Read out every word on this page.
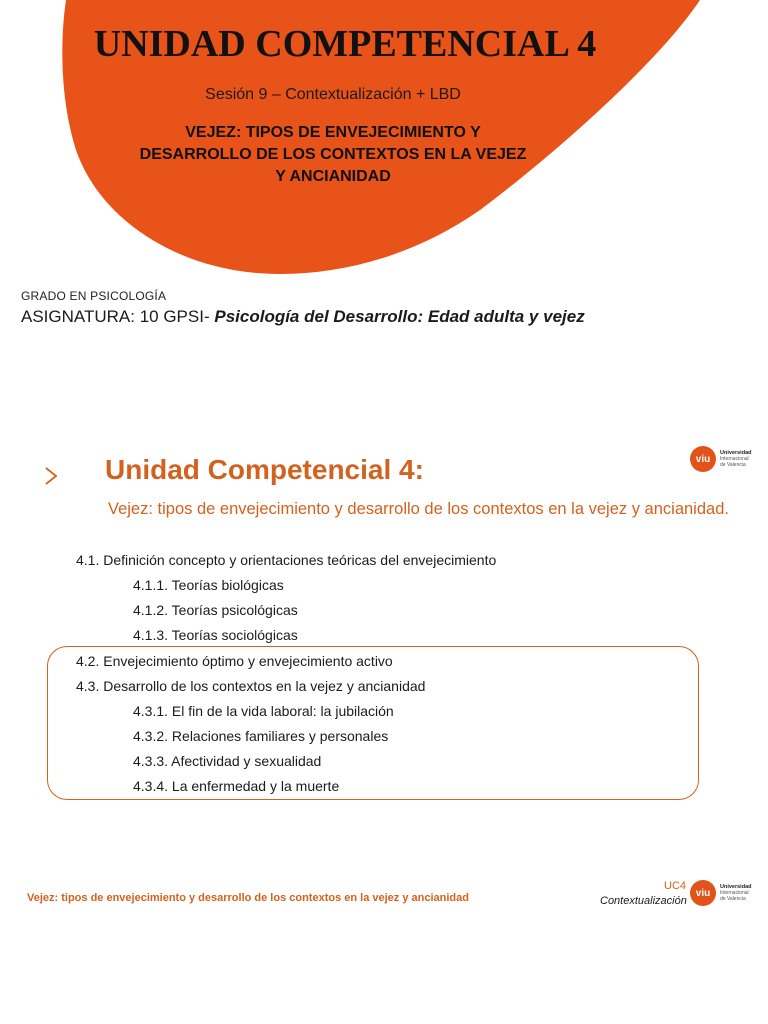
UNIDAD COMPETENCIAL 4
Sesión 9 – Contextualización + LBD
VEJEZ: TIPOS DE ENVEJECIMIENTO Y
DESARROLLO DE LOS CONTEXTOS EN LA VEJEZ
Y ANCIANIDAD
GRADO EN PSICOLOGÍA
ASIGNATURA: 10 GPSI- Psicología del Desarrollo: Edad adulta y vejez
Unidad Competencial 4:
Vejez: tipos de envejecimiento y desarrollo de los contextos en la vejez y ancianidad.
viu
Universidad
Internacional
de Valencia
4.1. Definición concepto y orientaciones teóricas del envejecimiento
4.1.1. Teorías biológicas
4.1.2. Teorías psicológicas
4.1.3. Teorías sociológicas
4.2. Envejecimiento óptimo y envejecimiento activo
4.3. Desarrollo de los contextos en la vejez y ancianidad
4.3.1. El fin de la vida laboral: la jubilación
4.3.2. Relaciones familiares y personales
4.3.3. Afectividad y sexualidad
4.3.4. La enfermedad y la muerte
Vejez: tipos de envejecimiento y desarrollo de los contextos en la vejez y ancianidad
UC4
Contextualización
viu
Universidad
Internacional
de Valencia
